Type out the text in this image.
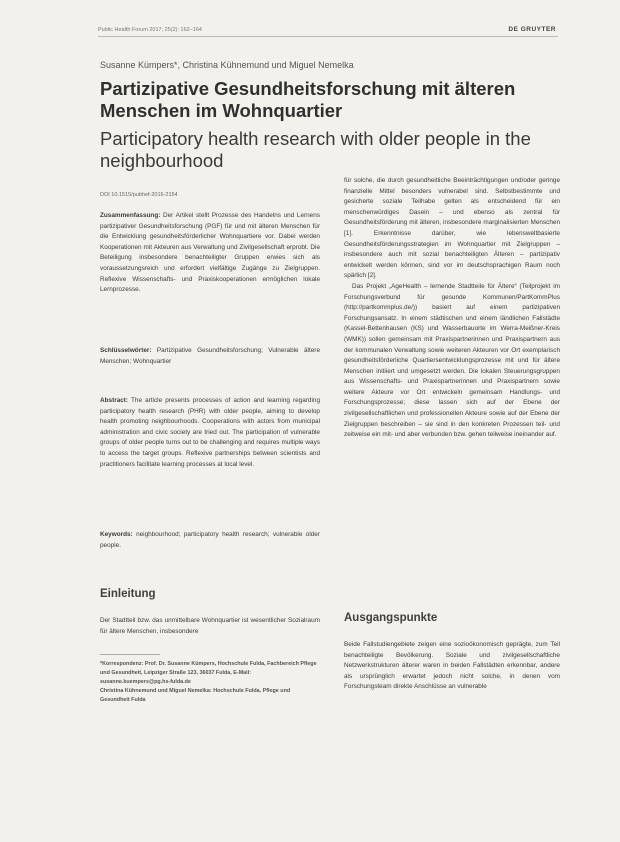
Public Health Forum 2017; 25(2): 162–164	DE GRUYTER
Susanne Kümpers*, Christina Kühnemund und Miguel Nemelka
Partizipative Gesundheitsforschung mit älteren Menschen im Wohnquartier
Participatory health research with older people in the neighbourhood
DOI 10.1515/pubhef-2016-2154

Zusammenfassung: Der Artikel stellt Prozesse des Handelns und Lernens partizipativer Gesundheitsforschung (PGF) für und mit älteren Menschen für die Entwicklung gesundheitsförderlicher Wohnquartiere vor. Dabei werden Kooperationen mit Akteuren aus Verwaltung und Zivilgesellschaft erprobt. Die Beteiligung insbesondere benachteiligter Gruppen erwies sich als voraussetzungsreich und erfordert vielfältige Zugänge zu Zielgruppen. Reflexive Wissenschafts- und Praxiskooperationen ermöglichen lokale Lernprozesse.

Schlüsselwörter: Partizipative Gesundheitsforschung; Vulnerable ältere Menschen; Wohnquartier

Abstract: The article presents processes of action and learning regarding participatory health research (PHR) with older people, aiming to develop health promoting neighbourhoods. Cooperations with actors from municipal administration and civic society are tried out. The participation of vulnerable groups of older people turns out to be challenging and requires multiple ways to access the target groups. Reflexive partnerships between scientists and practitioners facilitate learning processes at local level.

Keywords: neighbourhood; participatory health research; vulnerable older people.

Einleitung

Der Stadtteil bzw. das unmittelbare Wohnquartier ist wesentlicher Sozialraum für ältere Menschen, insbesondere

*Korrespondenz: Prof. Dr. Susanne Kümpers, Hochschule Fulda, Fachbereich Pflege und Gesundheit, Leipziger Straße 123, 36037 Fulda, E-Mail: susanne.kuempers@pg.hs-fulda.de

Christina Kühnemund und Miguel Nemelka: Hochschule Fulda, Pflege und Gesundheit Fulda

für solche, die durch gesundheitliche Beeinträchtigungen und/oder geringe finanzielle Mittel besonders vulnerabel sind. Selbstbestimmte und gesicherte soziale Teilhabe gelten als entscheidend für ein menschenwürdiges Dasein – und ebenso als zentral für Gesundheitsförderung mit älteren, insbesondere marginalisierten Menschen [1]. Erkenntnisse darüber, wie lebensweltbasierte Gesundheitsförderungsstrategien im Wohnquartier mit Zielgruppen – insbesondere auch mit sozial benachteiligten Älteren – partizipativ entwickelt werden können, sind vor im deutschsprachigen Raum noch spärlich [2].

Das Projekt „AgeHealth – lernende Stadtteile für Ältere“ (Teilprojekt im Forschungsverbund für gesunde Kommunen/PartKommPlus (http://partkommplus.de/)) basiert auf einem partizipativen Forschungsansatz. In einem städtischen und einem ländlichen Fallstädte (Kassel-Bettenhausen (KS) und Wasserbauorte im Werra-Meißner-Kreis (WMK)) sollen gemeinsam mit Praxispartnerinnen und Praxispartnern aus der kommunalen Verwaltung sowie weiteren Akteuren vor Ort exemplarisch gesundheitsförderliche Quartiersentwicklungsprozesse mit und für ältere Menschen initiiert und umgesetzt werden. Die lokalen Steuerungsgruppen aus Wissenschafts- und Praxispartnerinnen und Praxispartnern sowie weitere Akteure vor Ort entwickeln gemeinsam Handlungs- und Forschungsprozesse; diese lassen sich auf der Ebene der zivilgesellschaftlichen und professionellen Akteure sowie auf der Ebene der Zielgruppen beschreiben – sie sind in den konkreten Prozessen teil- und zeitweise ein mit- und aber verbunden bzw. gehen teilweise ineinander auf.

Ausgangspunkte

Beide Fallstudiengebiete zeigen eine sozioökonomisch geprägte, zum Teil benachteiligte Bevölkerung. Soziale und zivilgesellschaftliche Netzwerkstrukturen älterer waren in beiden Fallstädten erkennbar, andere als ursprünglich erwartet jedoch nicht solche, in denen vom Forschungsteam direkte Anschlüsse an vulnerable
